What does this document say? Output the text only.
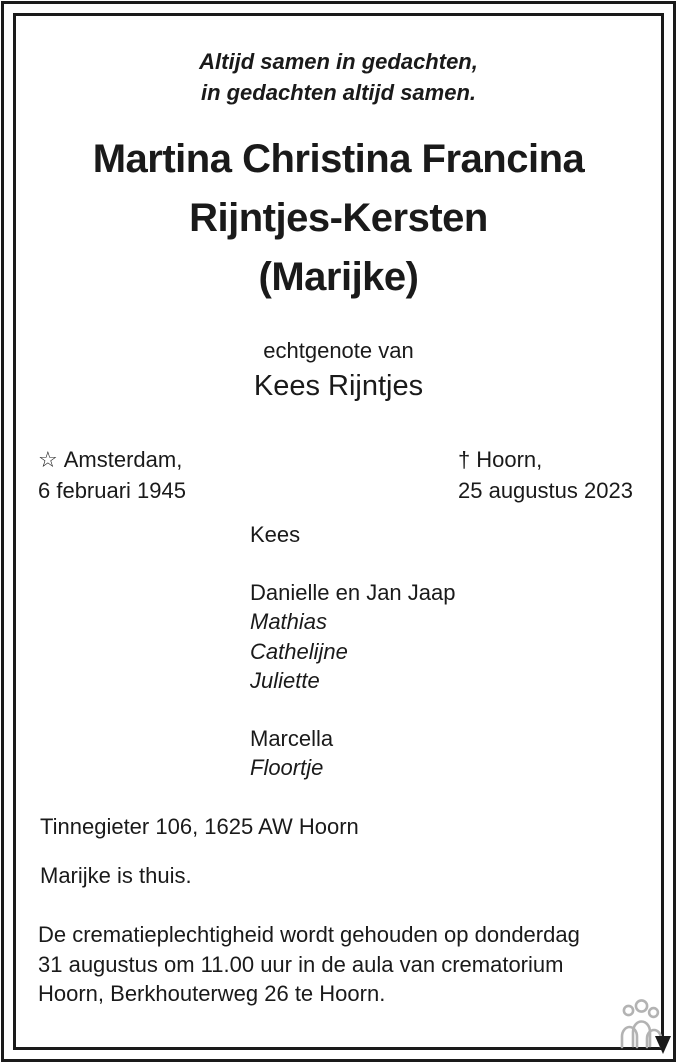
Altijd samen in gedachten,
in gedachten altijd samen.
Martina Christina Francina
Rijntjes-Kersten
(Marijke)
echtgenote van
Kees Rijntjes
☆ Amsterdam,
6 februari 1945
† Hoorn,
25 augustus 2023
Kees
Danielle en Jan Jaap
Mathias
Cathelijne
Juliette
Marcella
Floortje
Tinnegieter 106, 1625 AW Hoorn
Marijke is thuis.
De crematieplechtigheid wordt gehouden op donderdag
31 augustus om 11.00 uur in de aula van crematorium
Hoorn, Berkhouterweg 26 te Hoorn.
